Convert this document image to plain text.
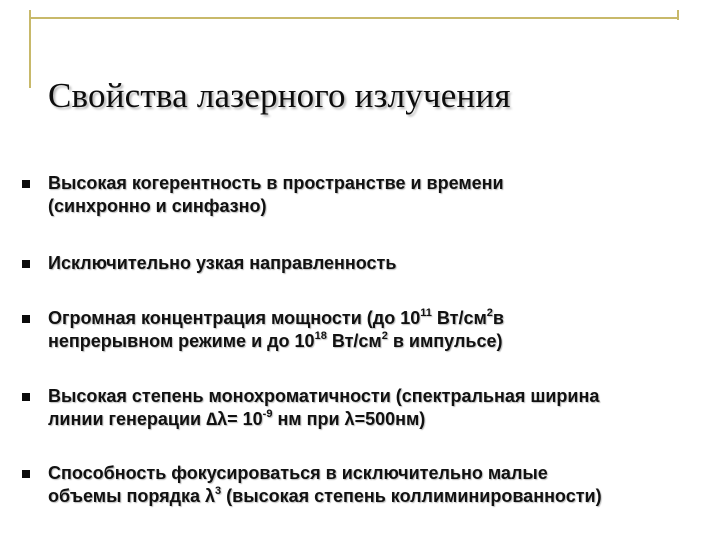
Свойства лазерного излучения
Высокая когерентность в пространстве и времени
(синхронно и синфазно)
Исключительно узкая направленность
Огромная концентрация мощности (до $10^{11}$ $Вт/см^2в$
непрерывном режиме и до $10^{18}$ $Вт/см^2$ в импульсе)
Высокая степень монохроматичности (спектральная ширина
линии генерации $\Delta\lambda= 10^{-9}$ нм при λ=500нм)
Способность фокусироваться в исключительно малые
объемы порядка $\lambda^3$ (высокая степень коллиминированности)
